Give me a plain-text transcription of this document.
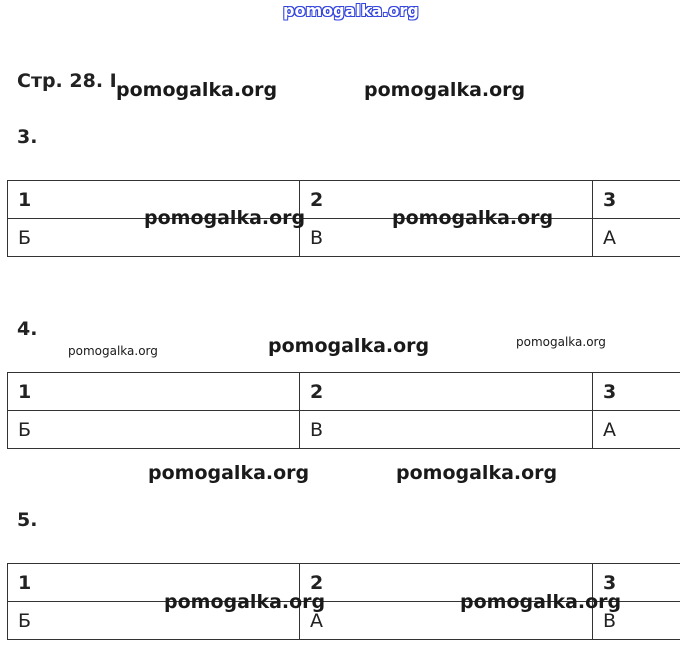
pomogalka.org
Стр. 28. I
3.
1	2	3
Б	В	А
4.
1	2	3
Б	В	А
5.
1	2	3
Б	А	В
pomogalka.org	pomogalka.org
pomogalka.org	pomogalka.org
pomogalka.org	pomogalka.org	pomogalka.org
pomogalka.org	pomogalka.org
pomogalka.org	pomogalka.org
